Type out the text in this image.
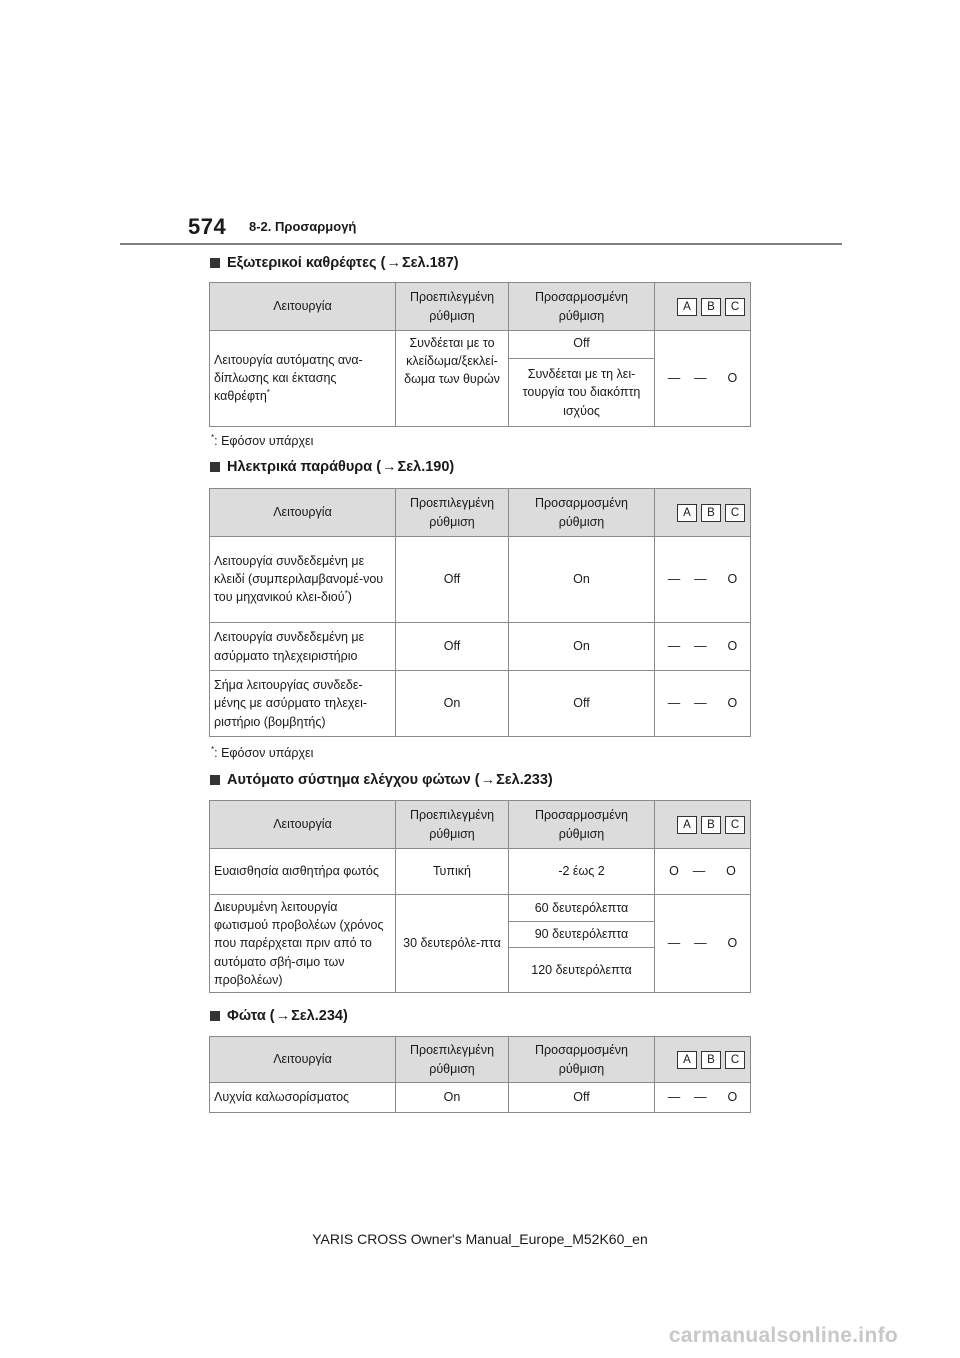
574 8-2. Προσαρμογή
Εξωτερικοί καθρέφτες ( → Σελ.187)
Λειτουργία	Προεπιλεγμένη ρύθμιση	Προσαρμοσμένη ρύθμιση	A B C
Λειτουργία αυτόματης ανα-δίπλωσης και έκτασης καθρέφτη*	Συνδέεται με το κλείδωμα/ξεκλεί-δωμα των θυρών	Off	— — O
		Συνδέεται με τη λει-τουργία του διακόπτη ισχύος	
*: Εφόσον υπάρχει
Ηλεκτρικά παράθυρα ( → Σελ.190)
Λειτουργία	Προεπιλεγμένη ρύθμιση	Προσαρμοσμένη ρύθμιση	A B C
Λειτουργία συνδεδεμένη με κλειδί (συμπεριλαμβανομέ-νου του μηχανικού κλει-διού*)	Off	On	— — O
Λειτουργία συνδεδεμένη με ασύρματο τηλεχειριστήριο	Off	On	— — O
Σήμα λειτουργίας συνδεδε-μένης με ασύρματο τηλεχει-ριστήριο (βομβητής)	On	Off	— — O
*: Εφόσον υπάρχει
Αυτόματο σύστημα ελέγχου φώτων ( → Σελ.233)
Λειτουργία	Προεπιλεγμένη ρύθμιση	Προσαρμοσμένη ρύθμιση	A B C
Ευαισθησία αισθητήρα φωτός	Τυπική	-2 έως 2	O — O
Διευρυμένη λειτουργία φωτισμού προβολέων (χρόνος που παρέρχεται πριν από το αυτόματο σβή-σιμο των προβολέων)	30 δευτερόλε-πτα	60 δευτερόλεπτα	— — O
		90 δευτερόλεπτα	
		120 δευτερόλεπτα	
Φώτα ( → Σελ.234)
Λειτουργία	Προεπιλεγμένη ρύθμιση	Προσαρμοσμένη ρύθμιση	A B C
Λυχνία καλωσορίσματος	On	Off	— — O
YARIS CROSS Owner's Manual_Europe_M52K60_en
carmanualsonline.info
